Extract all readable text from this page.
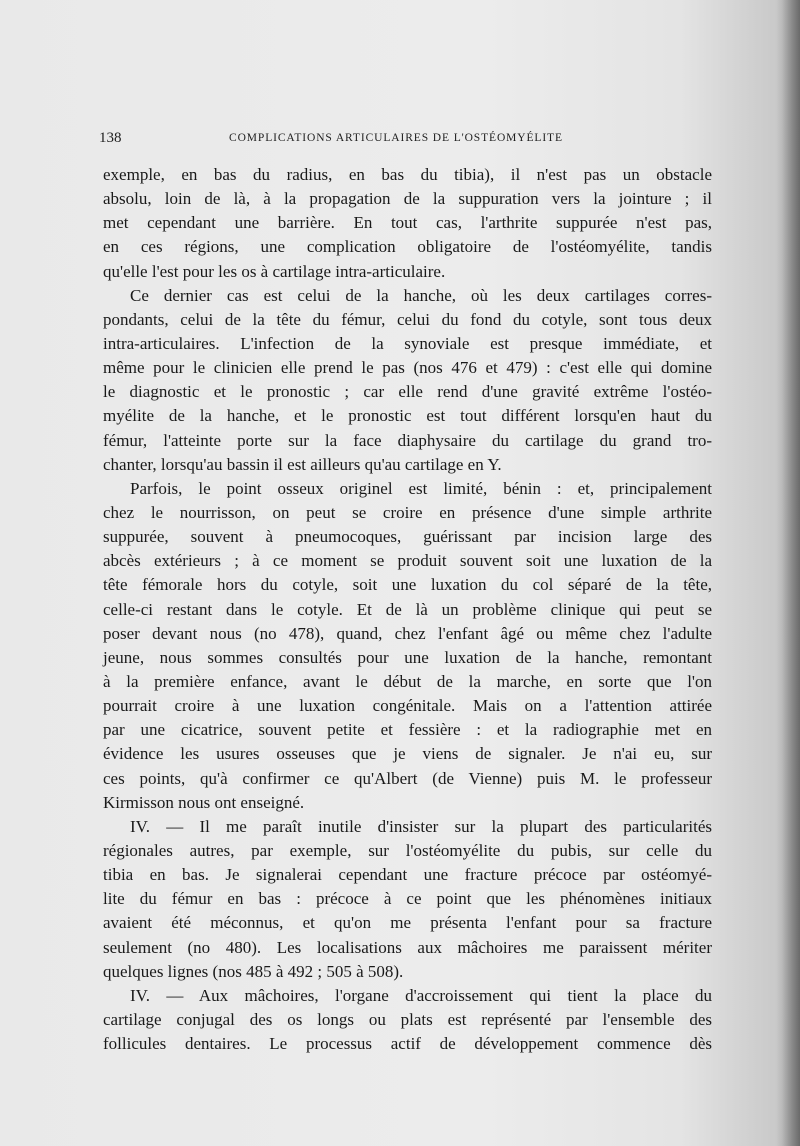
138	COMPLICATIONS ARTICULAIRES DE L'OSTÉOMYÉLITE
exemple, en bas du radius, en bas du tibia), il n'est pas un obstacle
absolu, loin de là, à la propagation de la suppuration vers la jointure ; il
met cependant une barrière. En tout cas, l'arthrite suppurée n'est pas,
en ces régions, une complication obligatoire de l'ostéomyélite, tandis
qu'elle l'est pour les os à cartilage intra-articulaire.
Ce dernier cas est celui de la hanche, où les deux cartilages corres-
pondants, celui de la tête du fémur, celui du fond du cotyle, sont tous deux
intra-articulaires. L'infection de la synoviale est presque immédiate, et
même pour le clinicien elle prend le pas (nos 476 et 479) : c'est elle qui domine
le diagnostic et le pronostic ; car elle rend d'une gravité extrême l'ostéo-
myélite de la hanche, et le pronostic est tout différent lorsqu'en haut du
fémur, l'atteinte porte sur la face diaphysaire du cartilage du grand tro-
chanter, lorsqu'au bassin il est ailleurs qu'au cartilage en Y.
Parfois, le point osseux originel est limité, bénin : et, principalement
chez le nourrisson, on peut se croire en présence d'une simple arthrite
suppurée, souvent à pneumocoques, guérissant par incision large des
abcès extérieurs ; à ce moment se produit souvent soit une luxation de la
tête fémorale hors du cotyle, soit une luxation du col séparé de la tête,
celle-ci restant dans le cotyle. Et de là un problème clinique qui peut se
poser devant nous (no 478), quand, chez l'enfant âgé ou même chez l'adulte
jeune, nous sommes consultés pour une luxation de la hanche, remontant
à la première enfance, avant le début de la marche, en sorte que l'on
pourrait croire à une luxation congénitale. Mais on a l'attention attirée
par une cicatrice, souvent petite et fessière : et la radiographie met en
évidence les usures osseuses que je viens de signaler. Je n'ai eu, sur
ces points, qu'à confirmer ce qu'Albert (de Vienne) puis M. le professeur
Kirmisson nous ont enseigné.
IV. — Il me paraît inutile d'insister sur la plupart des particularités
régionales autres, par exemple, sur l'ostéomyélite du pubis, sur celle du
tibia en bas. Je signalerai cependant une fracture précoce par ostéomyé-
lite du fémur en bas : précoce à ce point que les phénomènes initiaux
avaient été méconnus, et qu'on me présenta l'enfant pour sa fracture
seulement (no 480). Les localisations aux mâchoires me paraissent mériter
quelques lignes (nos 485 à 492 ; 505 à 508).
IV. — Aux mâchoires, l'organe d'accroissement qui tient la place du
cartilage conjugal des os longs ou plats est représenté par l'ensemble des
follicules dentaires. Le processus actif de développement commence dès
